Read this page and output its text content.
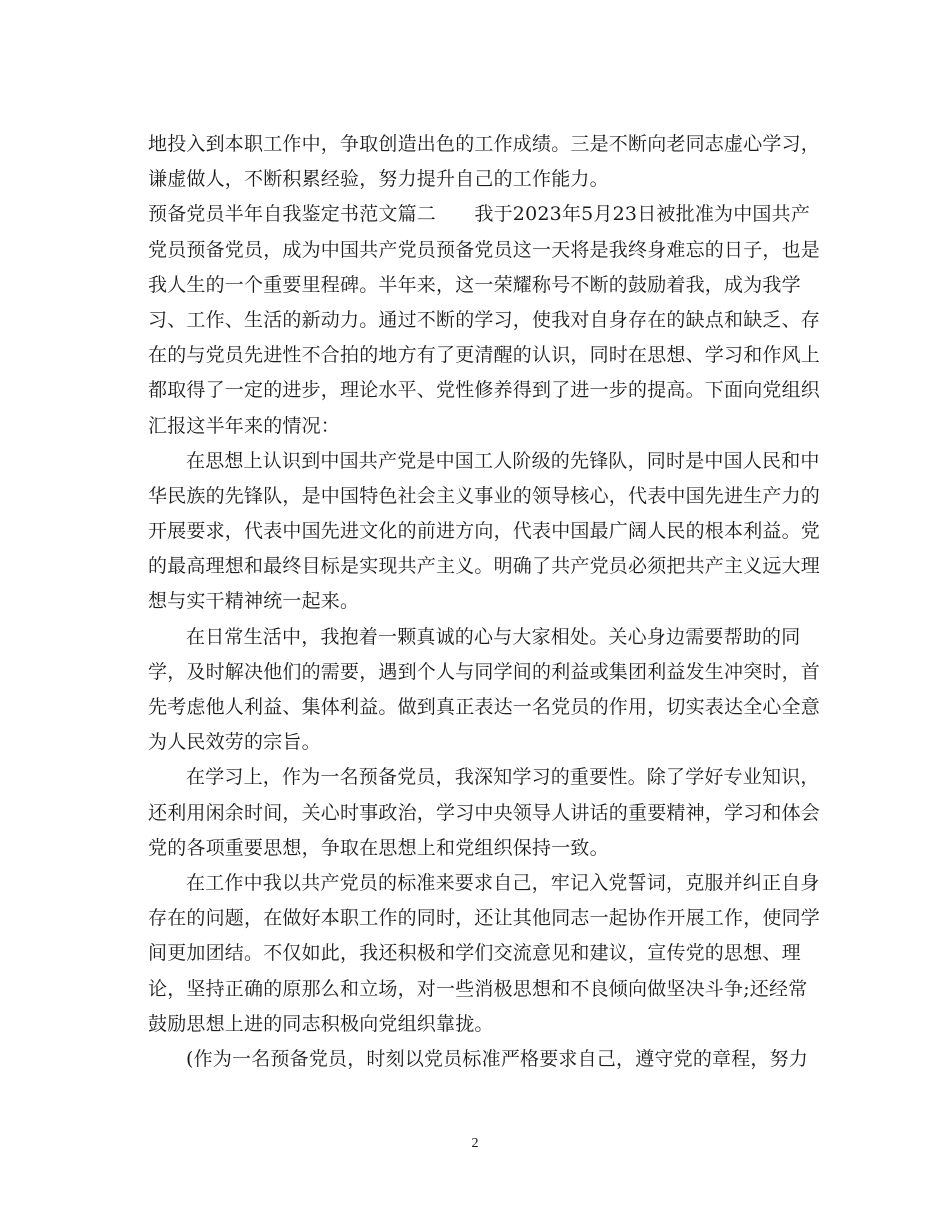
地投入到本职工作中，争取创造出色的工作成绩。三是不断向老同志虚心学习，
谦虚做人，不断积累经验，努力提升自己的工作能力。
预备党员半年自我鉴定书范文篇二　　我于2023年5月23日被批准为中国共产
党员预备党员，成为中国共产党员预备党员这一天将是我终身难忘的日子，也是
我人生的一个重要里程碑。半年来，这一荣耀称号不断的鼓励着我，成为我学
习、工作、生活的新动力。通过不断的学习，使我对自身存在的缺点和缺乏、存
在的与党员先进性不合拍的地方有了更清醒的认识，同时在思想、学习和作风上
都取得了一定的进步，理论水平、党性修养得到了进一步的提高。下面向党组织
汇报这半年来的情况：
在思想上认识到中国共产党是中国工人阶级的先锋队，同时是中国人民和中
华民族的先锋队，是中国特色社会主义事业的领导核心，代表中国先进生产力的
开展要求，代表中国先进文化的前进方向，代表中国最广阔人民的根本利益。党
的最高理想和最终目标是实现共产主义。明确了共产党员必须把共产主义远大理
想与实干精神统一起来。
在日常生活中，我抱着一颗真诚的心与大家相处。关心身边需要帮助的同
学，及时解决他们的需要，遇到个人与同学间的利益或集团利益发生冲突时，首
先考虑他人利益、集体利益。做到真正表达一名党员的作用，切实表达全心全意
为人民效劳的宗旨。
在学习上，作为一名预备党员，我深知学习的重要性。除了学好专业知识，
还利用闲余时间，关心时事政治，学习中央领导人讲话的重要精神，学习和体会
党的各项重要思想，争取在思想上和党组织保持一致。
在工作中我以共产党员的标准来要求自己，牢记入党誓词，克服并纠正自身
存在的问题，在做好本职工作的同时，还让其他同志一起协作开展工作，使同学
间更加团结。不仅如此，我还积极和学们交流意见和建议，宣传党的思想、理
论，坚持正确的原那么和立场，对一些消极思想和不良倾向做坚决斗争;还经常
鼓励思想上进的同志积极向党组织靠拢。
(作为一名预备党员，时刻以党员标准严格要求自己，遵守党的章程，努力
2
